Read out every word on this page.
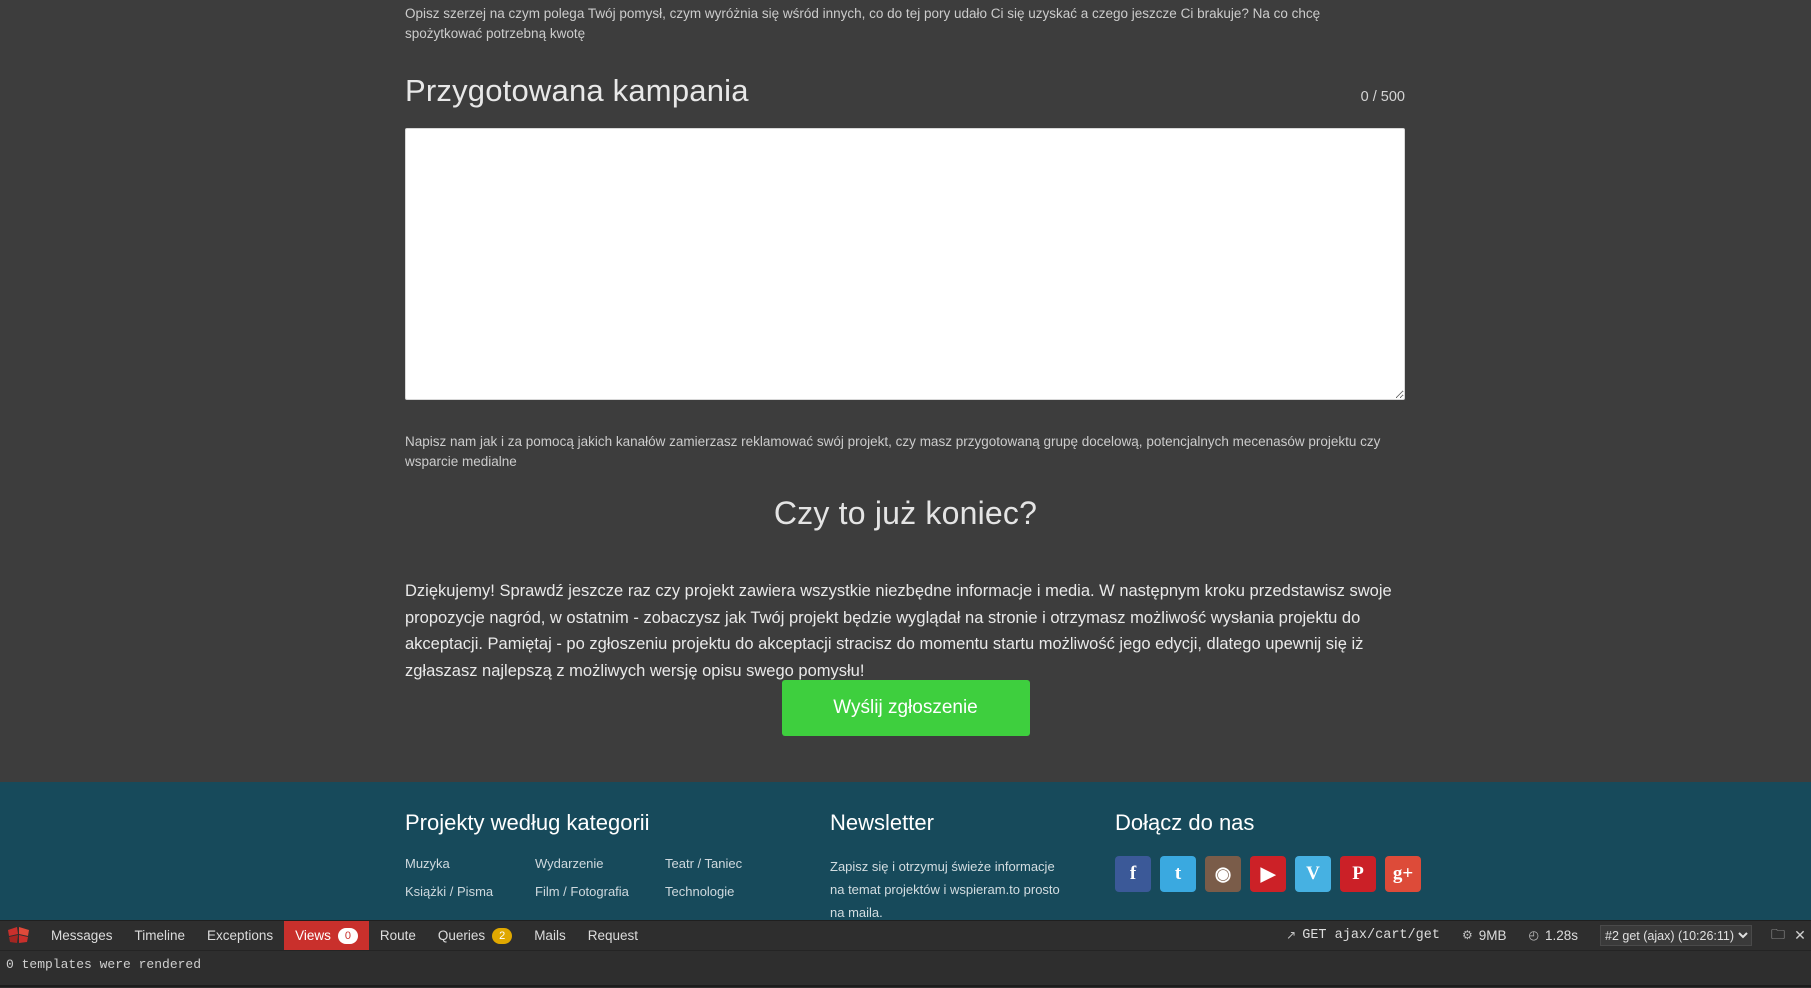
Opisz szerzej na czym polega Twój pomysł, czym wyróżnia się wśród innych, co do tej pory udało Ci się uzyskać a czego jeszcze Ci brakuje? Na co chcę spożytkować potrzebną kwotę

Przygotowana kampania	0 / 500

Napisz nam jak i za pomocą jakich kanałów zamierzasz reklamować swój projekt, czy masz przygotowaną grupę docelową, potencjalnych mecenasów projektu czy wsparcie medialne

Czy to już koniec?

Dziękujemy! Sprawdź jeszcze raz czy projekt zawiera wszystkie niezbędne informacje i media. W następnym kroku przedstawisz swoje propozycje nagród, w ostatnim - zobaczysz jak Twój projekt będzie wyglądał na stronie i otrzymasz możliwość wysłania projektu do akceptacji. Pamiętaj - po zgłoszeniu projektu do akceptacji stracisz do momentu startu możliwość jego edycji, dlatego upewnij się iż zgłaszasz najlepszą z możliwych wersję opisu swego pomysłu!

Wyślij zgłoszenie
Projekty według kategorii
Muzyka
Książki / Pisma
Wydarzenie
Film / Fotografia
Teatr / Taniec
Technologie
Newsletter

Zapisz się i otrzymuj świeże informacje na temat projektów i wspieram.to prosto na maila.

Dołącz do nas
f	t	◉	▶	V	P	g+
Messages Timeline Exceptions Views	0	Route Queries	2	Mails Request	↗ GET ajax/cart/get ⚙ 9MB ◴ 1.28s
#2 get (ajax) (10:26:11)	🗀 ✕
0 templates were rendered
